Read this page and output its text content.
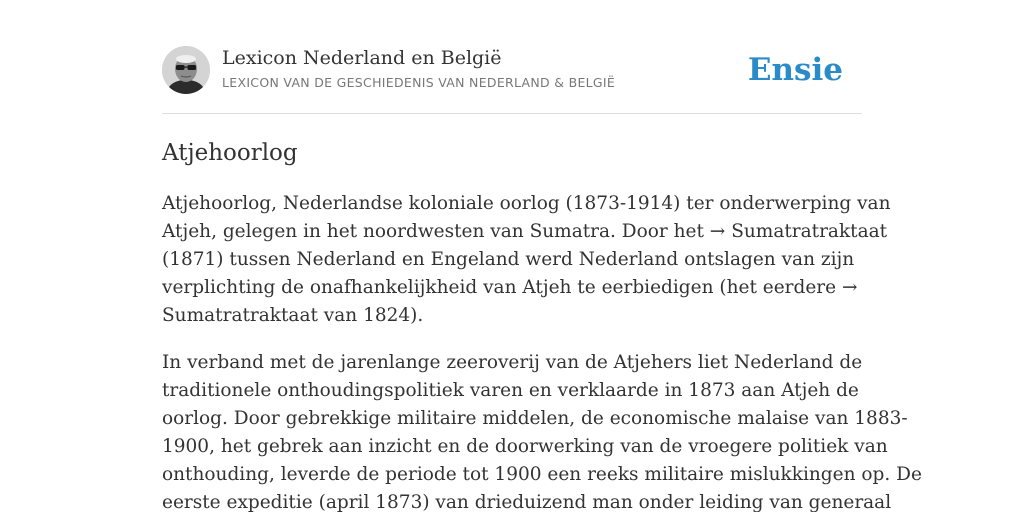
Lexicon Nederland en België
LEXICON VAN DE GESCHIEDENIS VAN NEDERLAND & BELGIË	Ensie
Atjehoorlog

Atjehoorlog, Nederlandse koloniale oorlog (1873-1914) ter onderwerping van
Atjeh, gelegen in het noordwesten van Sumatra. Door het → Sumatratraktaat
(1871) tussen Nederland en Engeland werd Nederland ontslagen van zijn
verplichting de onafhankelijkheid van Atjeh te eerbiedigen (het eerdere →
Sumatratraktaat van 1824).

In verband met de jarenlange zeeroverij van de Atjehers liet Nederland de
traditionele onthoudingspolitiek varen en verklaarde in 1873 aan Atjeh de
oorlog. Door gebrekkige militaire middelen, de economische malaise van 1883-
1900, het gebrek aan inzicht en de doorwerking van de vroegere politiek van
onthouding, leverde de periode tot 1900 een reeks militaire mislukkingen op. De
eerste expeditie (april 1873) van drieduizend man onder leiding van generaal
